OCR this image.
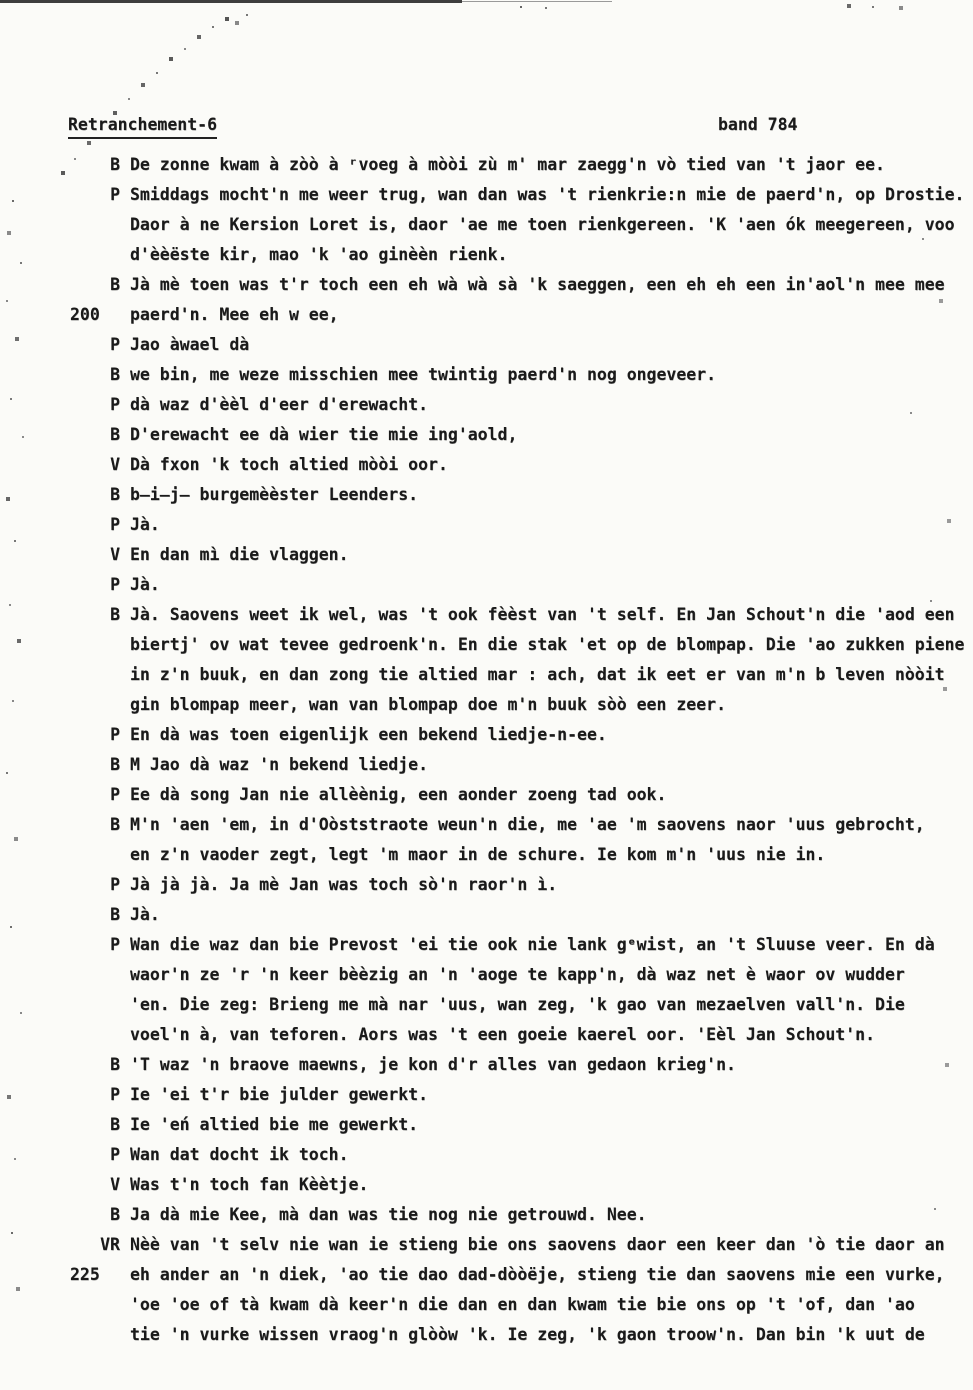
Retranchement-6	band 784
B De zonne kwam à zòò à ʳvoeg à mòòi zù m' mar zaegg'n vò tied van 't jaor ee.
P Smiddags mocht'n me weer trug, wan dan was 't rienkrie:n mie de paerd'n, op Drostie.
Daor à ne Kersion Loret is, daor 'ae me toen rienkgereen. 'K 'aen ók meegereen, voo
d'èèëste kir, mao 'k 'ao ginèèn rienk.
B Jà mè toen was t'r toch een eh wà wà sà 'k saeggen, een eh eh een in'aol'n mee mee
200 paerd'n. Mee eh w ee,
P Jao àwael dà
B we bin, me weze misschien mee twintig paerd'n nog ongeveer.
P dà waz d'èèl d'eer d'erewacht.
B D'erewacht ee dà wier tie mie ing'aold,
V Dà fxon 'k toch altied mòòi oor.
B b̶i̶j̶ burgemèèster Leenders.
P Jà.
V En dan mì die vlaggen.
P Jà.
B Jà. Saovens weet ik wel, was 't ook fèèst van 't self. En Jan Schout'n die 'aod een
biertj' ov wat tevee gedroenk'n. En die stak 'et op de blompap. Die 'ao zukken piene
in z'n buuk, en dan zong tie altied mar : ach, dat ik eet er van m'n b leven nòòit
gin blompap meer, wan van blompap doe m'n buuk sòò een zeer.
P En dà was toen eigenlijk een bekend liedje-n-ee.
B M Jao dà waz 'n bekend liedje.
P Ee dà song Jan nie allèènig, een aonder zoeng tad ook.
B M'n 'aen 'em, in d'Oòststraote weun'n die, me 'ae 'm saovens naor 'uus gebrocht,
en z'n vaoder zegt, legt 'm maor in de schure. Ie kom m'n 'uus nie in.
P Jà jà jà. Ja mè Jan was toch sò'n raor'n ì.
B Jà.
P Wan die waz dan bie Prevost 'ei tie ook nie lank gᵉwist, an 't Sluuse veer. En dà
waor'n ze 'r 'n keer bèèzig an 'n 'aoge te kapp'n, dà waz net è waor ov wudder
'en. Die zeg: Brieng me mà nar 'uus, wan zeg, 'k gao van mezaelven vall'n. Die
voel'n à, van teforen. Aors was 't een goeie kaerel oor. 'Eèl Jan Schout'n.
B 'T waz 'n braove maewns, je kon d'r alles van gedaon krieg'n.
P Ie 'ei t'r bie julder gewerkt.
B Ie 'eń altied bie me gewerkt.
P Wan dat docht ik toch.
V Was t'n toch fan Kèètje.
B Ja dà mie Kee, mà dan was tie nog nie getrouwd. Nee.
VR Nèè van 't selv nie wan ie stieng bie ons saovens daor een keer dan 'ò tie daor an
225 eh ander an 'n diek, 'ao tie dao dad-dòòëje, stieng tie dan saovens mie een vurke,
'oe 'oe of tà kwam dà keer'n die dan en dan kwam tie bie ons op 't 'of, dan 'ao
tie 'n vurke wissen vraog'n glòòw 'k. Ie zeg, 'k gaon troow'n. Dan bin 'k uut de
